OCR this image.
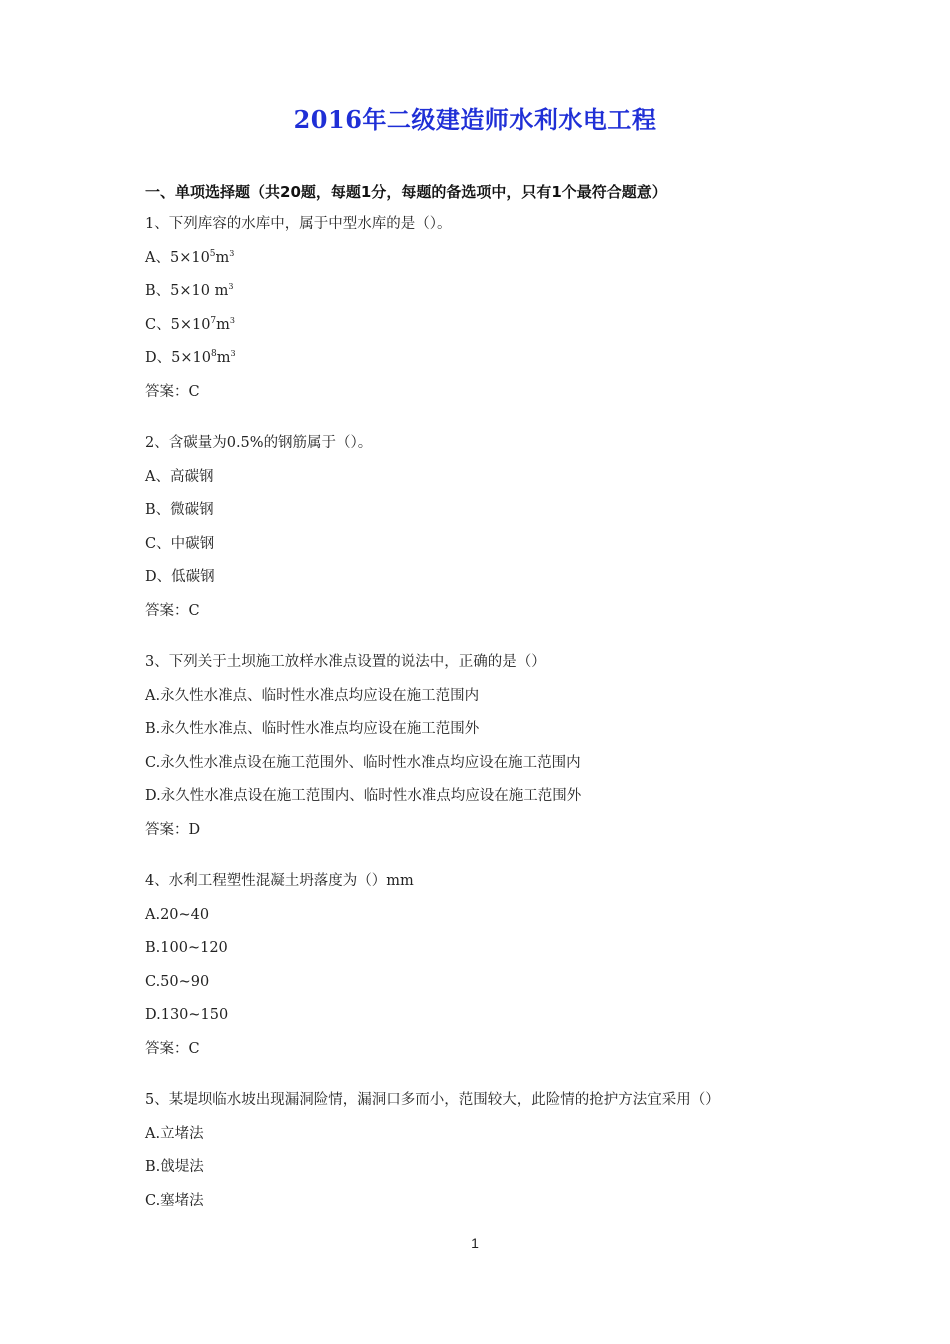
2016年二级建造师水利水电工程
一、单项选择题（共20题，每题1分，每题的备选项中，只有1个最符合题意）
1、下列库容的水库中，属于中型水库的是（）。
A、$5\times 10^5m^3$
B、5×10 $m^3$
C、$5\times 10^7m^3$
D、$5\times 10^8m^3$
答案：C
2、含碳量为0.5%的钢筋属于（）。
A、高碳钢
B、微碳钢
C、中碳钢
D、低碳钢
答案：C
3、下列关于土坝施工放样水准点设置的说法中，正确的是（）
A.永久性水准点、临时性水准点均应设在施工范围内
B.永久性水准点、临时性水准点均应设在施工范围外
C.永久性水准点设在施工范围外、临时性水准点均应设在施工范围内
D.永久性水准点设在施工范围内、临时性水准点均应设在施工范围外
答案：D
4、水利工程塑性混凝土坍落度为（）mm
A.20~40
B.100~120
C.50~90
D.130~150
答案：C
5、某堤坝临水坡出现漏洞险情，漏洞口多而小，范围较大，此险情的抢护方法宜采用（）
A.立堵法
B.戗堤法
C.塞堵法
1
